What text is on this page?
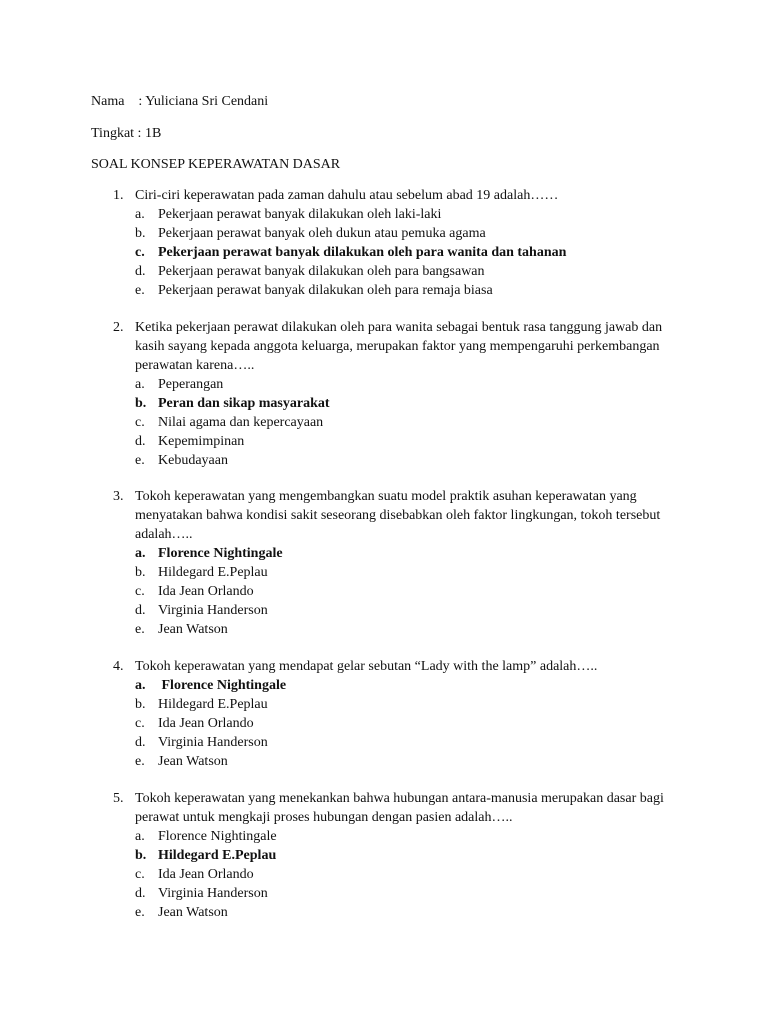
Nama    : Yuliciana Sri Cendani
Tingkat : 1B
SOAL KONSEP KEPERAWATAN DASAR
1. Ciri-ciri keperawatan pada zaman dahulu atau sebelum abad 19 adalah……
a. Pekerjaan perawat banyak dilakukan oleh laki-laki
b. Pekerjaan perawat banyak oleh dukun atau pemuka agama
c. Pekerjaan perawat banyak dilakukan oleh para wanita dan tahanan
d. Pekerjaan perawat banyak dilakukan oleh para bangsawan
e. Pekerjaan perawat banyak dilakukan oleh para remaja biasa
2. Ketika pekerjaan perawat dilakukan oleh para wanita sebagai bentuk rasa tanggung jawab dan kasih sayang kepada anggota keluarga, merupakan faktor yang mempengaruhi perkembangan perawatan karena…..
a. Peperangan
b. Peran dan sikap masyarakat
c. Nilai agama dan kepercayaan
d. Kepemimpinan
e. Kebudayaan
3. Tokoh keperawatan yang mengembangkan suatu model praktik asuhan keperawatan yang menyatakan bahwa kondisi sakit seseorang disebabkan oleh faktor lingkungan, tokoh tersebut adalah…..
a. Florence Nightingale
b. Hildegard E.Peplau
c. Ida Jean Orlando
d. Virginia Handerson
e. Jean Watson
4. Tokoh keperawatan yang mendapat gelar sebutan “Lady with the lamp” adalah…..
a. Florence Nightingale
b. Hildegard E.Peplau
c. Ida Jean Orlando
d. Virginia Handerson
e. Jean Watson
5. Tokoh keperawatan yang menekankan bahwa hubungan antara-manusia merupakan dasar bagi perawat untuk mengkaji proses hubungan dengan pasien adalah…..
a. Florence Nightingale
b. Hildegard E.Peplau
c. Ida Jean Orlando
d. Virginia Handerson
e. Jean Watson
